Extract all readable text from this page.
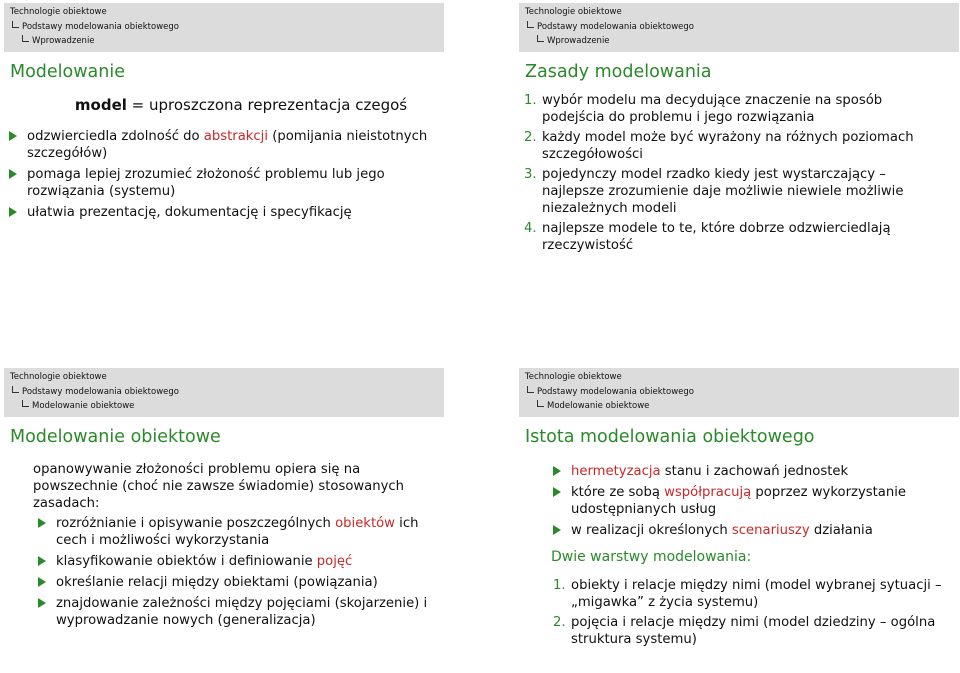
Technologie obiektowe
Podstawy modelowania obiektowego
Wprowadzenie
Modelowanie
model = uproszczona reprezentacja czegoś
odzwierciedla zdolność do abstrakcji (pomijania nieistotnych szczegółów)
pomaga lepiej zrozumieć złożoność problemu lub jego rozwiązania (systemu)
ułatwia prezentację, dokumentację i specyfikację
Technologie obiektowe
Podstawy modelowania obiektowego
Wprowadzenie
Zasady modelowania
1. wybór modelu ma decydujące znaczenie na sposób podejścia do problemu i jego rozwiązania
2. każdy model może być wyrażony na różnych poziomach szczegółowości
3. pojedynczy model rzadko kiedy jest wystarczający – najlepsze zrozumienie daje możliwie niewiele możliwie niezależnych modeli
4. najlepsze modele to te, które dobrze odzwierciedlają rzeczywistość
Technologie obiektowe
Podstawy modelowania obiektowego
Modelowanie obiektowe
Modelowanie obiektowe
opanowywanie złożoności problemu opiera się na powszechnie (choć nie zawsze świadomie) stosowanych zasadach:
rozróżnianie i opisywanie poszczególnych obiektów ich cech i możliwości wykorzystania
klasyfikowanie obiektów i definiowanie pojęć
określanie relacji między obiektami (powiązania)
znajdowanie zależności między pojęciami (skojarzenie) i wyprowadzanie nowych (generalizacja)
Technologie obiektowe
Podstawy modelowania obiektowego
Modelowanie obiektowe
Istota modelowania obiektowego
hermetyzacja stanu i zachowań jednostek
które ze sobą współpracują poprzez wykorzystanie udostępnianych usług
w realizacji określonych scenariuszy działania
Dwie warstwy modelowania:
1. obiekty i relacje między nimi (model wybranej sytuacji – „migawka” z życia systemu)
2. pojęcia i relacje między nimi (model dziedziny – ogólna struktura systemu)
